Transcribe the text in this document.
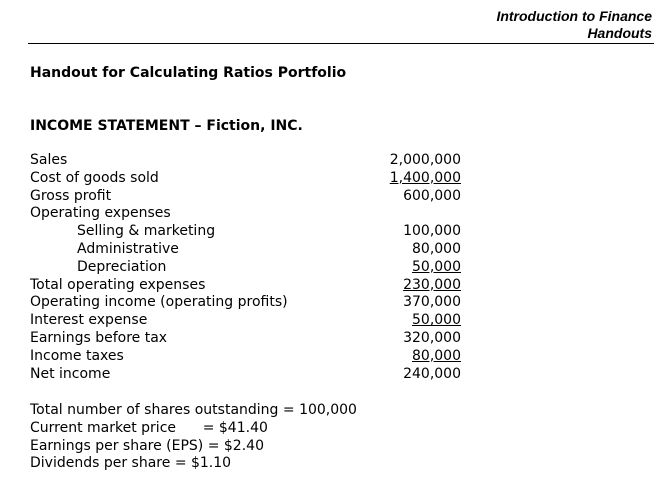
Introduction to Finance
Handouts
Handout for Calculating Ratios Portfolio
INCOME STATEMENT – Fiction, INC.
Sales	2,000,000
Cost of goods sold	1,400,000
Gross profit	600,000
Operating expenses
Selling & marketing	100,000
Administrative	80,000
Depreciation	50,000
Total operating expenses	230,000
Operating income (operating profits)	370,000
Interest expense	50,000
Earnings before tax	320,000
Income taxes	80,000
Net income	240,000
Total number of shares outstanding = 100,000
Current market price      = $41.40
Earnings per share (EPS) = $2.40
Dividends per share = $1.10
